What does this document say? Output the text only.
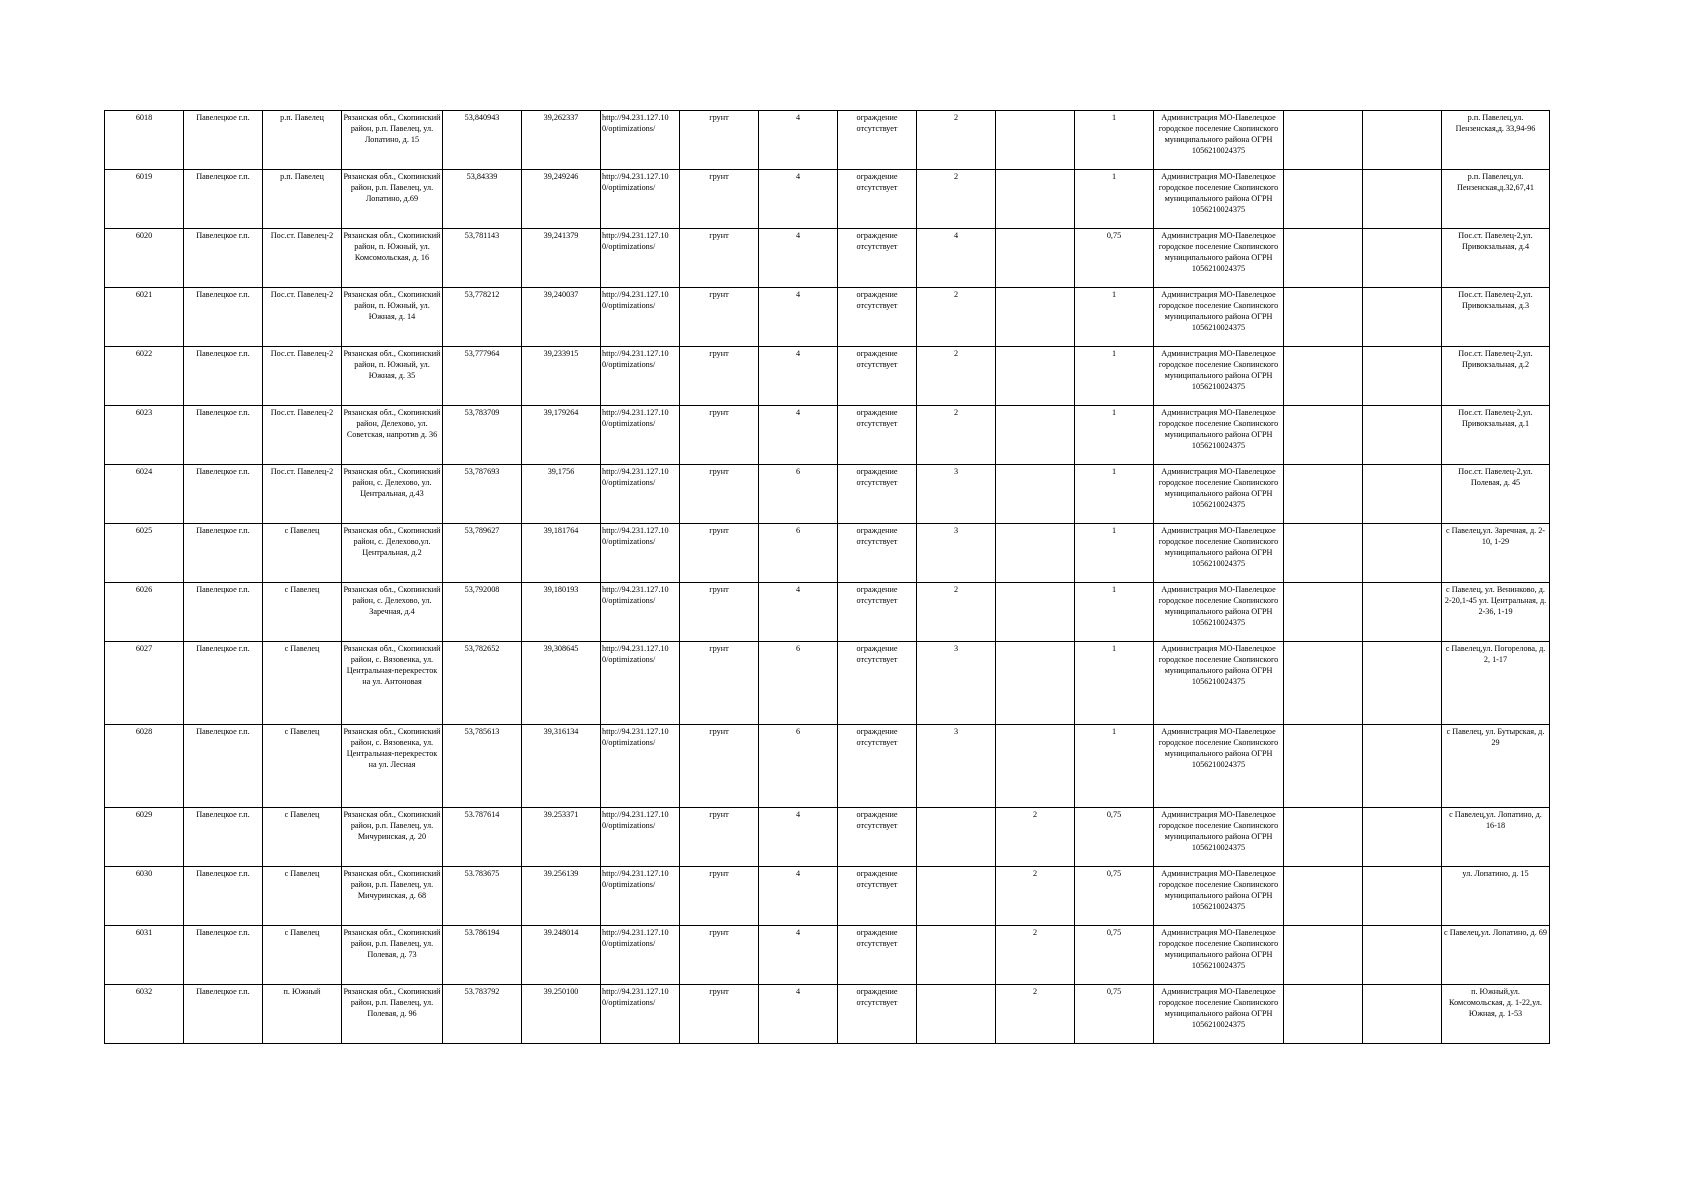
6018	Павелецкое г.п.	р.п. Павелец	Рязанская обл., Скопинский район, р.п. Павелец, ул. Лопатино, д. 15	53,840943	39,262337	http://94.231.127.10 0/optimizations/	грунт	4	ограждение отсутствует	2		1	Администрация МО-Павелецкое городское поселение Скопинского муниципального района ОГРН 1056210024375			р.п. Павелец,ул. Пензенская,д. 33,94-96
6019	Павелецкое г.п.	р.п. Павелец	Рязанская обл., Скопинский район, р.п. Павелец, ул. Лопатино, д.69	53,84339	39,249246	http://94.231.127.10 0/optimizations/	грунт	4	ограждение отсутствует	2		1	Администрация МО-Павелецкое городское поселение Скопинского муниципального района ОГРН 1056210024375			р.п. Павелец,ул. Пензенская,д.32,67,41
6020	Павелецкое г.п.	Пос.ст. Павелец-2	Рязанская обл., Скопинский район, п. Южный, ул. Комсомольская, д. 16	53,781143	39,241379	http://94.231.127.10 0/optimizations/	грунт	4	ограждение отсутствует	4		0,75	Администрация МО-Павелецкое городское поселение Скопинского муниципального района ОГРН 1056210024375			Пос.ст. Павелец-2,ул. Привокзальная, д.4
6021	Павелецкое г.п.	Пос.ст. Павелец-2	Рязанская обл., Скопинский район, п. Южный, ул. Южная, д. 14	53,778212	39,240037	http://94.231.127.10 0/optimizations/	грунт	4	ограждение отсутствует	2		1	Администрация МО-Павелецкое городское поселение Скопинского муниципального района ОГРН 1056210024375			Пос.ст. Павелец-2,ул. Привокзальная, д.3
6022	Павелецкое г.п.	Пос.ст. Павелец-2	Рязанская обл., Скопинский район, п. Южный, ул. Южная, д. 35	53,777964	39,233915	http://94.231.127.10 0/optimizations/	грунт	4	ограждение отсутствует	2		1	Администрация МО-Павелецкое городское поселение Скопинского муниципального района ОГРН 1056210024375			Пос.ст. Павелец-2,ул. Привокзальная, д.2
6023	Павелецкое г.п.	Пос.ст. Павелец-2	Рязанская обл., Скопинский район, Делехово, ул. Советская, напротив д. 36	53,783709	39,179264	http://94.231.127.10 0/optimizations/	грунт	4	ограждение отсутствует	2		1	Администрация МО-Павелецкое городское поселение Скопинского муниципального района ОГРН 1056210024375			Пос.ст. Павелец-2,ул. Привокзальная, д.1
6024	Павелецкое г.п.	Пос.ст. Павелец-2	Рязанская обл., Скопинский район, с. Делехово, ул. Центральная, д.43	53,787693	39,1756	http://94.231.127.10 0/optimizations/	грунт	6	ограждение отсутствует	3		1	Администрация МО-Павелецкое городское поселение Скопинского муниципального района ОГРН 1056210024375			Пос.ст. Павелец-2,ул. Полевая, д. 45
6025	Павелецкое г.п.	с Павелец	Рязанская обл., Скопинский район, с. Делехово,ул. Центральная, д.2	53,789627	39,181764	http://94.231.127.10 0/optimizations/	грунт	6	ограждение отсутствует	3		1	Администрация МО-Павелецкое городское поселение Скопинского муниципального района ОГРН 1056210024375			с Павелец,ул. Заречная, д. 2-10, 1-29
6026	Павелецкое г.п.	с Павелец	Рязанская обл., Скопинский район, с. Делехово, ул. Заречная, д.4	53,792008	39,180193	http://94.231.127.10 0/optimizations/	грунт	4	ограждение отсутствует	2		1	Администрация МО-Павелецкое городское поселение Скопинского муниципального района ОГРН 1056210024375			с Павелец, ул. Венинково, д. 2-20,1-45 ул. Центральная, д. 2-36, 1-19
6027	Павелецкое г.п.	с Павелец	Рязанская обл., Скопинский район, с. Вязовенка, ул. Центральная-перекресток на ул. Антоновая	53,782652	39,308645	http://94.231.127.10 0/optimizations/	грунт	6	ограждение отсутствует	3		1	Администрация МО-Павелецкое городское поселение Скопинского муниципального района ОГРН 1056210024375			с Павелец,ул. Погорелова, д. 2, 1-17
6028	Павелецкое г.п.	с Павелец	Рязанская обл., Скопинский район, с. Вязовенка, ул. Центральная-перекресток на ул. Лесная	53,785613	39,316134	http://94.231.127.10 0/optimizations/	грунт	6	ограждение отсутствует	3		1	Администрация МО-Павелецкое городское поселение Скопинского муниципального района ОГРН 1056210024375			с Павелец, ул. Бутырская, д. 29
6029	Павелецкое г.п.	с Павелец	Рязанская обл., Скопинский район, р.п. Павелец, ул. Мичуринская, д. 20	53.787614	39.253371	http://94.231.127.10 0/optimizations/	грунт	4	ограждение отсутствует		2	0,75	Администрация МО-Павелецкое городское поселение Скопинского муниципального района ОГРН 1056210024375			с Павелец,ул. Лопатино, д. 16-18
6030	Павелецкое г.п.	с Павелец	Рязанская обл., Скопинский район, р.п. Павелец, ул. Мичуринская, д. 68	53.783675	39.256139	http://94.231.127.10 0/optimizations/	грунт	4	ограждение отсутствует		2	0,75	Администрация МО-Павелецкое городское поселение Скопинского муниципального района ОГРН 1056210024375			ул. Лопатино, д. 15
6031	Павелецкое г.п.	с Павелец	Рязанская обл., Скопинский район, р.п. Павелец, ул. Полевая, д. 73	53.786194	39.248014	http://94.231.127.10 0/optimizations/	грунт	4	ограждение отсутствует		2	0,75	Администрация МО-Павелецкое городское поселение Скопинского муниципального района ОГРН 1056210024375			с Павелец,ул. Лопатино, д. 69
6032	Павелецкое г.п.	п. Южный	Рязанская обл., Скопинский район, р.п. Павелец, ул. Полевая, д. 96	53.783792	39.250100	http://94.231.127.10 0/optimizations/	грунт	4	ограждение отсутствует		2	0,75	Администрация МО-Павелецкое городское поселение Скопинского муниципального района ОГРН 1056210024375			п. Южный,ул. Комсомольская, д. 1-22,ул. Южная, д. 1-53
